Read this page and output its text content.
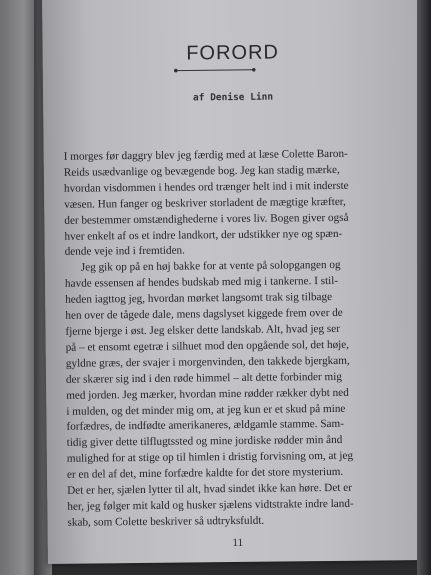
FORORD
af Denise Linn
I morges før daggry blev jeg færdig med at læse Colette Baron-
Reids usædvanlige og bevægende bog. Jeg kan stadig mærke,
hvordan visdommen i hendes ord trænger helt ind i mit inderste
væsen. Hun fanger og beskriver storladent de mægtige kræfter,
der bestemmer omstændighederne i vores liv. Bogen giver også
hver enkelt af os et indre landkort, der udstikker nye og spæn-
dende veje ind i fremtiden.
Jeg gik op på en høj bakke for at vente på solopgangen og
havde essensen af hendes budskab med mig i tankerne. I stil-
heden iagttog jeg, hvordan mørket langsomt trak sig tilbage
hen over de tågede dale, mens dagslyset kiggede frem over de
fjerne bjerge i øst. Jeg elsker dette landskab. Alt, hvad jeg ser
på – et ensomt egetræ i silhuet mod den opgående sol, det høje,
gyldne græs, der svajer i morgenvinden, den takkede bjergkam,
der skærer sig ind i den røde himmel – alt dette forbinder mig
med jorden. Jeg mærker, hvordan mine rødder rækker dybt ned
i mulden, og det minder mig om, at jeg kun er et skud på mine
forfædres, de indfødte amerikaneres, ældgamle stamme. Sam-
tidig giver dette tilflugtssted og mine jordiske rødder min ånd
mulighed for at stige op til himlen i dristig forvisning om, at jeg
er en del af det, mine forfædre kaldte for det store mysterium.
Det er her, sjælen lytter til alt, hvad sindet ikke kan høre. Det er
her, jeg følger mit kald og husker sjælens vidtstrakte indre land-
skab, som Colette beskriver så udtryksfuldt.
11
